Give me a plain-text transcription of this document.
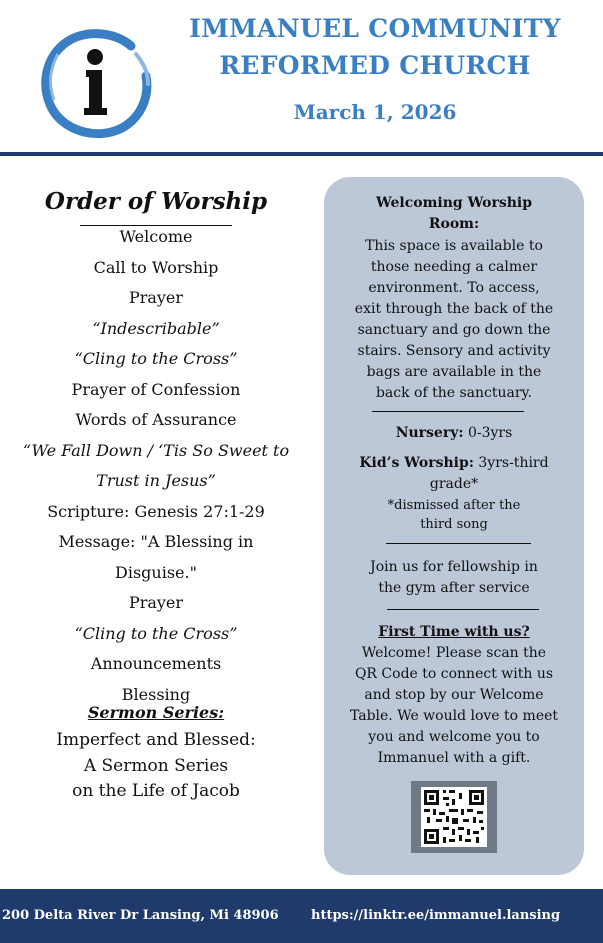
IMMANUEL COMMUNITY
REFORMED CHURCH
March 1, 2026
Order of Worship
Welcome
Call to Worship
Prayer
“Indescribable”
“Cling to the Cross”
Prayer of Confession
Words of Assurance
“We Fall Down / ‘Tis So Sweet to
Trust in Jesus”
Scripture: Genesis 27:1-29
Message: "A Blessing in
Disguise."
Prayer
“Cling to the Cross”
Announcements
Blessing
Sermon Series:
Imperfect and Blessed:
A Sermon Series
on the Life of Jacob
Welcoming Worship
Room:
This space is available to
those needing a calmer
environment. To access,
exit through the back of the
sanctuary and go down the
stairs. Sensory and activity
bags are available in the
back of the sanctuary.
Nursery: 0-3yrs
Kid’s Worship: 3yrs-third
grade*
*dismissed after the
third song
Join us for fellowship in
the gym after service
First Time with us?
Welcome! Please scan the
QR Code to connect with us
and stop by our Welcome
Table. We would love to meet
you and welcome you to
Immanuel with a gift.
200 Delta River Dr Lansing, Mi 48906 https://linktr.ee/immanuel.lansing
